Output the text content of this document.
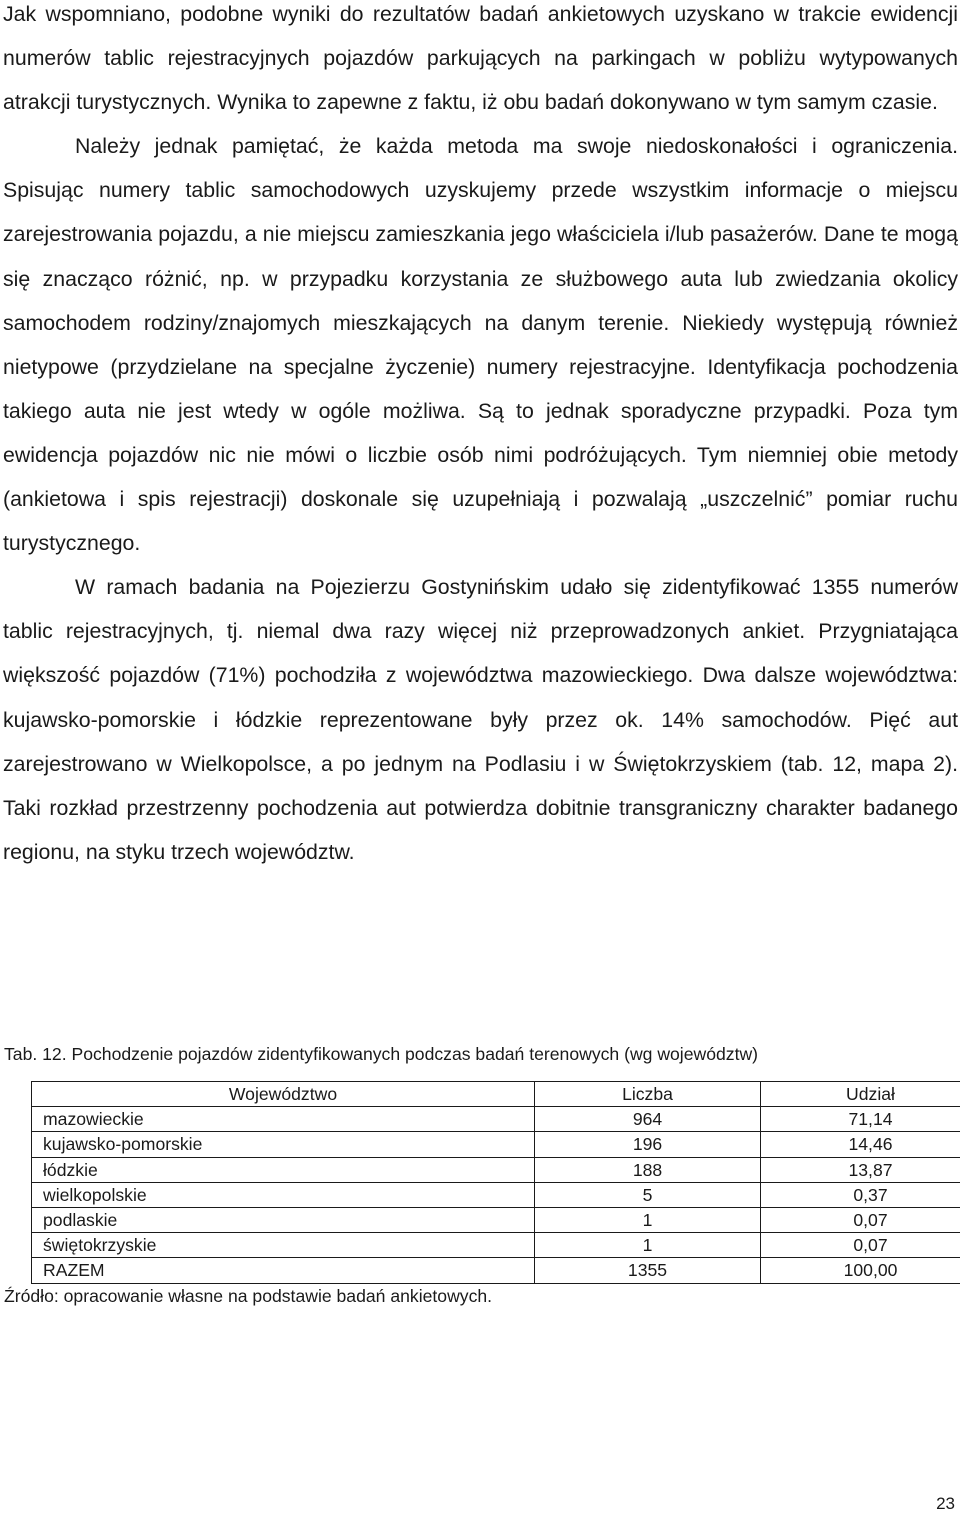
Jak wspomniano, podobne wyniki do rezultatów badań ankietowych uzyskano w trakcie ewidencji numerów tablic rejestracyjnych pojazdów parkujących na parkingach w pobliżu wytypowanych atrakcji turystycznych. Wynika to zapewne z faktu, iż obu badań dokonywano w tym samym czasie.

Należy jednak pamiętać, że każda metoda ma swoje niedoskonałości i ograniczenia. Spisując numery tablic samochodowych uzyskujemy przede wszystkim informacje o miejscu zarejestrowania pojazdu, a nie miejscu zamieszkania jego właściciela i/lub pasażerów. Dane te mogą się znacząco różnić, np. w przypadku korzystania ze służbowego auta lub zwiedzania okolicy samochodem rodziny/znajomych mieszkających na danym terenie. Niekiedy występują również nietypowe (przydzielane na specjalne życzenie) numery rejestracyjne. Identyfikacja pochodzenia takiego auta nie jest wtedy w ogóle możliwa. Są to jednak sporadyczne przypadki. Poza tym ewidencja pojazdów nic nie mówi o liczbie osób nimi podróżujących. Tym niemniej obie metody (ankietowa i spis rejestracji) doskonale się uzupełniają i pozwalają „uszczelnić” pomiar ruchu turystycznego.

W ramach badania na Pojezierzu Gostynińskim udało się zidentyfikować 1355 numerów tablic rejestracyjnych, tj. niemal dwa razy więcej niż przeprowadzonych ankiet. Przygniatająca większość pojazdów (71%) pochodziła z województwa mazowieckiego. Dwa dalsze województwa: kujawsko-pomorskie i łódzkie reprezentowane były przez ok. 14% samochodów. Pięć aut zarejestrowano w Wielkopolsce, a po jednym na Podlasiu i w Świętokrzyskiem (tab. 12, mapa 2). Taki rozkład przestrzenny pochodzenia aut potwierdza dobitnie transgraniczny charakter badanego regionu, na styku trzech województw.

Tab. 12. Pochodzenie pojazdów zidentyfikowanych podczas badań terenowych (wg województw)
Województwo	Liczba	Udział
mazowieckie	964	71,14
kujawsko-pomorskie	196	14,46
łódzkie	188	13,87
wielkopolskie	5	0,37
podlaskie	1	0,07
świętokrzyskie	1	0,07
RAZEM	1355	100,00
Źródło: opracowanie własne na podstawie badań ankietowych.
23
